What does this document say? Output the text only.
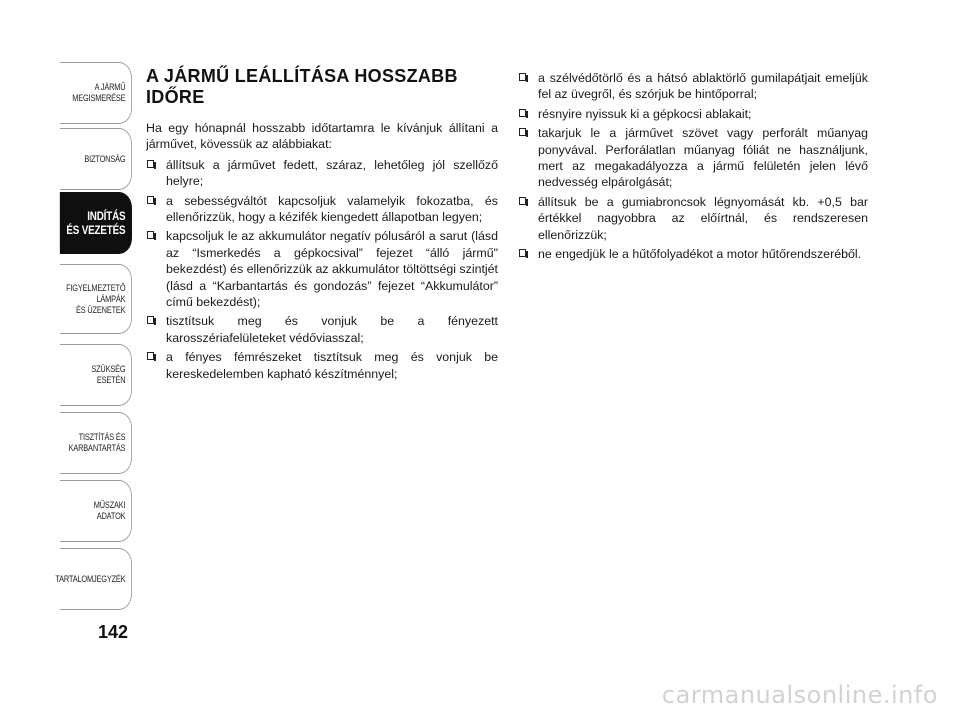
A JÁRMŰ
MEGISMERÉSE
BIZTONSÁG
INDÍTÁS
ÉS VEZETÉS
FIGYELMEZTETŐ
LÁMPÁK
ÉS ÜZENETEK
SZÜKSÉG
ESETÉN
TISZTÍTÁS ÉS
KARBANTARTÁS
MŰSZAKI
ADATOK
TARTALOMJEGYZÉK
142
A JÁRMŰ LEÁLLÍTÁSA HOSSZABB IDŐRE

Ha egy hónapnál hosszabb időtartamra le kívánjuk állítani a járművet, kövessük az alábbiakat:

állítsuk a járművet fedett, száraz, lehetőleg jól szellőző helyre;
a sebességváltót kapcsoljuk valamelyik fokozatba, és ellenőrizzük, hogy a kézifék kiengedett állapotban legyen;
kapcsoljuk le az akkumulátor negatív pólusáról a sarut (lásd az “Ismerkedés a gépkocsival” fejezet “álló jármű" bekezdést) és ellenőrizzük az akkumulátor töltöttségi szintjét (lásd a “Karbantartás és gondozás” fejezet “Akkumulátor” című bekezdést);
tisztítsuk meg és vonjuk be a fényezett karosszériafelületeket védőviasszal;
a fényes fémrészeket tisztítsuk meg és vonjuk be kereskedelemben kapható készítménnyel;
a szélvédőtörlő és a hátsó ablaktörlő gumilapátjait emeljük fel az üvegről, és szórjuk be hintőporral;
résnyire nyissuk ki a gépkocsi ablakait;
takarjuk le a járművet szövet vagy perforált műanyag ponyvával. Perforálatlan műanyag fóliát ne használjunk, mert az megakadályozza a jármű felületén jelen lévő nedvesség elpárolgását;
állítsuk be a gumiabroncsok légnyomását kb. +0,5 bar értékkel nagyobbra az előírtnál, és rendszeresen ellenőrizzük;
ne engedjük le a hűtőfolyadékot a motor hűtőrendszeréből.
carmanualsonline.info
